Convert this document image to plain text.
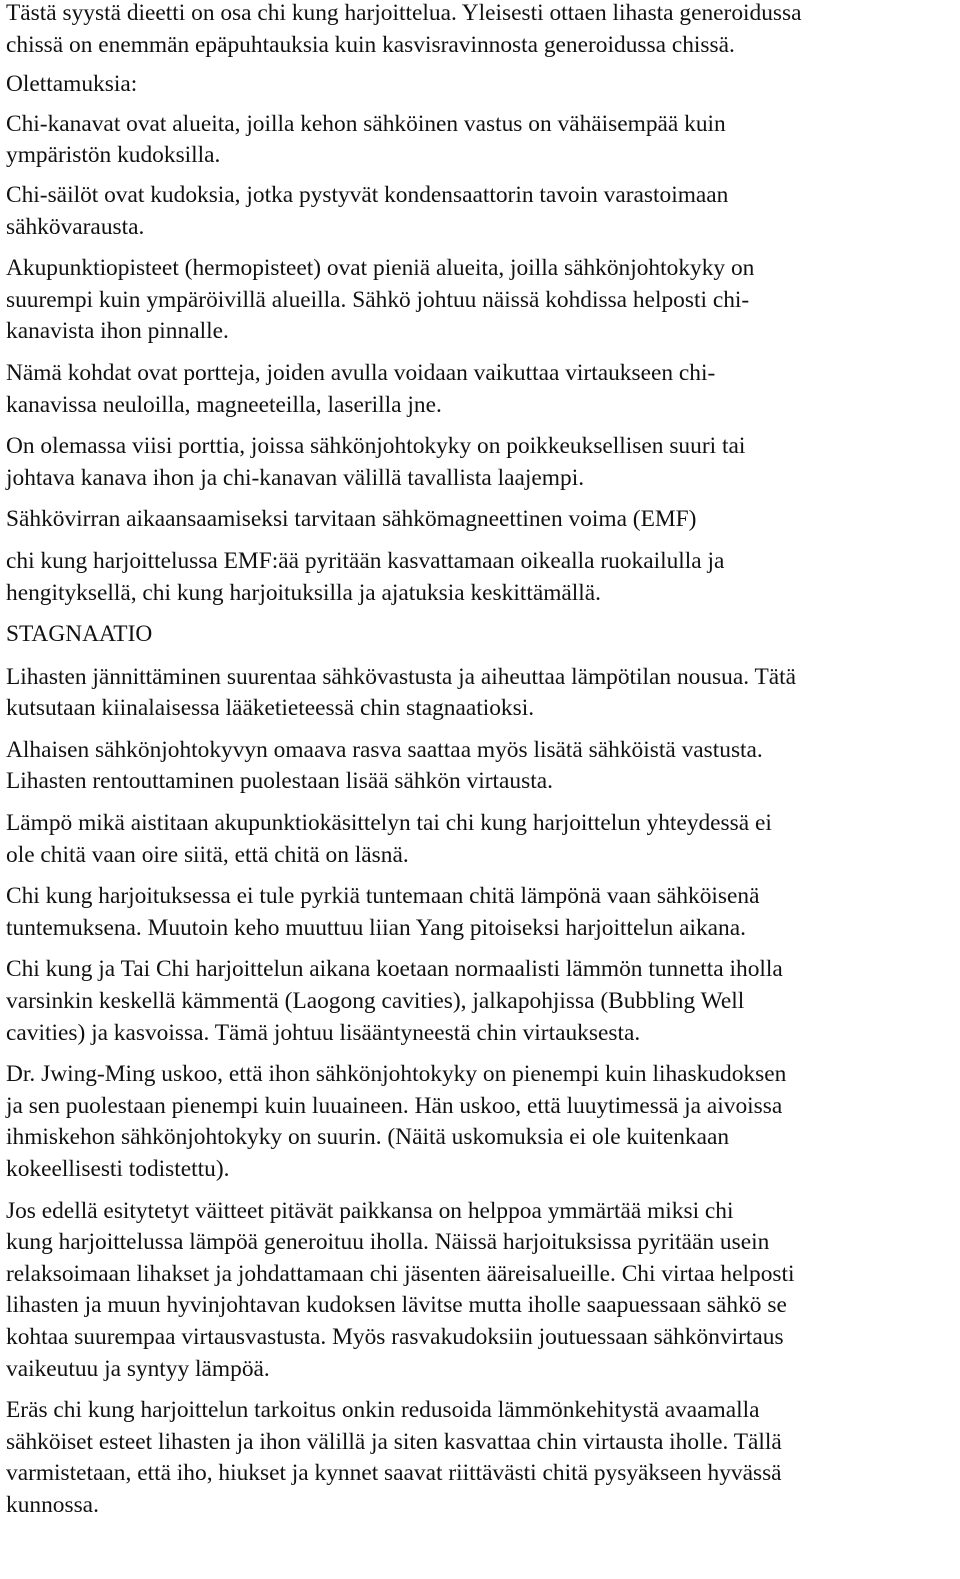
Tästä syystä dieetti on osa chi kung harjoittelua. Yleisesti ottaen lihasta generoidussa
chissä on enemmän epäpuhtauksia kuin kasvisravinnosta generoidussa chissä.

Olettamuksia:

Chi-kanavat ovat alueita, joilla kehon sähköinen vastus on vähäisempää kuin
ympäristön kudoksilla.

Chi-säilöt ovat kudoksia, jotka pystyvät kondensaattorin tavoin varastoimaan
sähkövarausta.

Akupunktiopisteet (hermopisteet) ovat pieniä alueita, joilla sähkönjohtokyky on
suurempi kuin ympäröivillä alueilla. Sähkö johtuu näissä kohdissa helposti chi-
kanavista ihon pinnalle.

Nämä kohdat ovat portteja, joiden avulla voidaan vaikuttaa virtaukseen chi-
kanavissa neuloilla, magneeteilla, laserilla jne.

On olemassa viisi porttia, joissa sähkönjohtokyky on poikkeuksellisen suuri tai
johtava kanava ihon ja chi-kanavan välillä tavallista laajempi.

Sähkövirran aikaansaamiseksi tarvitaan sähkömagneettinen voima (EMF)

chi kung harjoittelussa EMF:ää pyritään kasvattamaan oikealla ruokailulla ja
hengityksellä, chi kung harjoituksilla ja ajatuksia keskittämällä.

STAGNAATIO

Lihasten jännittäminen suurentaa sähkövastusta ja aiheuttaa lämpötilan nousua. Tätä
kutsutaan kiinalaisessa lääketieteessä chin stagnaatioksi.

Alhaisen sähkönjohtokyvyn omaava rasva saattaa myös lisätä sähköistä vastusta.
Lihasten rentouttaminen puolestaan lisää sähkön virtausta.

Lämpö mikä aistitaan akupunktiokäsittelyn tai chi kung harjoittelun yhteydessä ei
ole chitä vaan oire siitä, että chitä on läsnä.

Chi kung harjoituksessa ei tule pyrkiä tuntemaan chitä lämpönä vaan sähköisenä
tuntemuksena. Muutoin keho muuttuu liian Yang pitoiseksi harjoittelun aikana.

Chi kung ja Tai Chi harjoittelun aikana koetaan normaalisti lämmön tunnetta iholla
varsinkin keskellä kämmentä (Laogong cavities), jalkapohjissa (Bubbling Well
cavities) ja kasvoissa. Tämä johtuu lisääntyneestä chin virtauksesta.

Dr. Jwing-Ming uskoo, että ihon sähkönjohtokyky on pienempi kuin lihaskudoksen
ja sen puolestaan pienempi kuin luuaineen. Hän uskoo, että luuytimessä ja aivoissa
ihmiskehon sähkönjohtokyky on suurin. (Näitä uskomuksia ei ole kuitenkaan
kokeellisesti todistettu).

Jos edellä esitytetyt väitteet pitävät paikkansa on helppoa ymmärtää miksi chi
kung harjoittelussa lämpöä generoituu iholla. Näissä harjoituksissa pyritään usein
relaksoimaan lihakset ja johdattamaan chi jäsenten ääreisalueille. Chi virtaa helposti
lihasten ja muun hyvinjohtavan kudoksen lävitse mutta iholle saapuessaan sähkö se
kohtaa suurempaa virtausvastusta. Myös rasvakudoksiin joutuessaan sähkönvirtaus
vaikeutuu ja syntyy lämpöä.

Eräs chi kung harjoittelun tarkoitus onkin redusoida lämmönkehitystä avaamalla
sähköiset esteet lihasten ja ihon välillä ja siten kasvattaa chin virtausta iholle. Tällä
varmistetaan, että iho, hiukset ja kynnet saavat riittävästi chitä pysyäkseen hyvässä
kunnossa.
